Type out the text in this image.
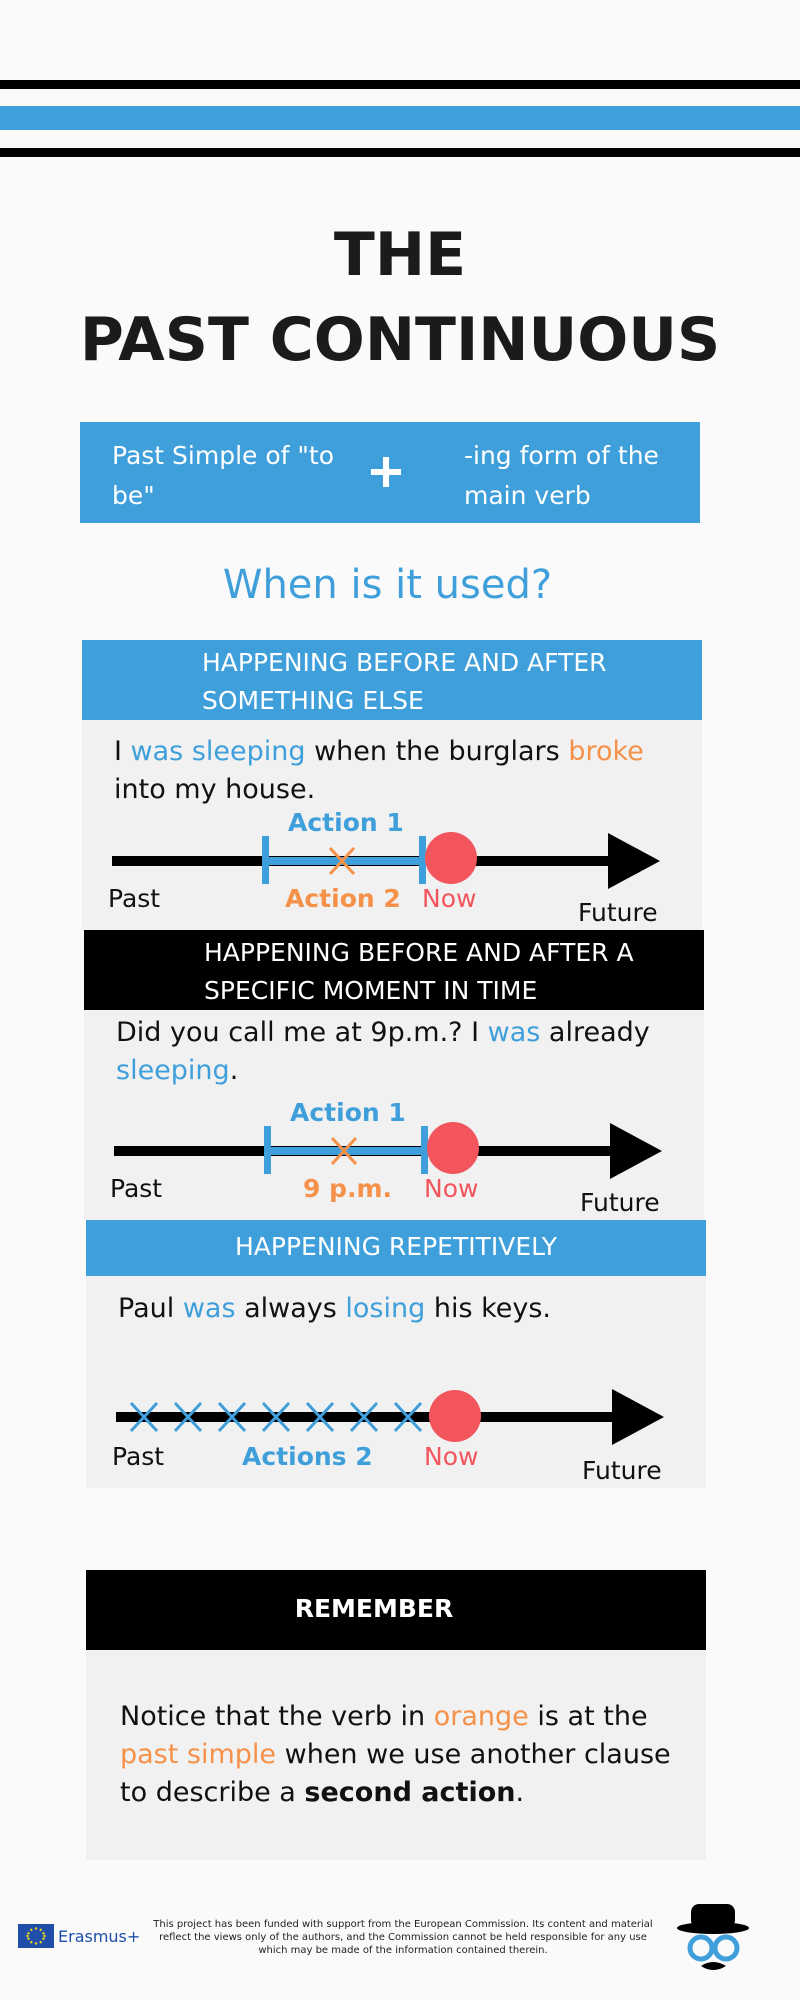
THE
PAST CONTINUOUS
Past Simple of "to be"
-ing form of the main verb
When is it used?
HAPPENING BEFORE AND AFTER SOMETHING ELSE
I was sleeping when the burglars broke into my house.
Action 1
Past	Action 2 Now	Future
HAPPENING BEFORE AND AFTER A SPECIFIC MOMENT IN TIME
Did you call me at 9p.m.? I was already sleeping.
Action 1
Past	9 p.m. Now	Future
HAPPENING REPETITIVELY
Paul was always losing his keys.
Past	Actions 2 Now	Future
REMEMBER
Notice that the verb in orange is at the past simple when we use another clause to describe a second action.
Erasmus+
This project has been funded with support from the European Commission. Its content and material reflect the views only of the authors, and the Commission cannot be held responsible for any use which may be made of the information contained therein.
